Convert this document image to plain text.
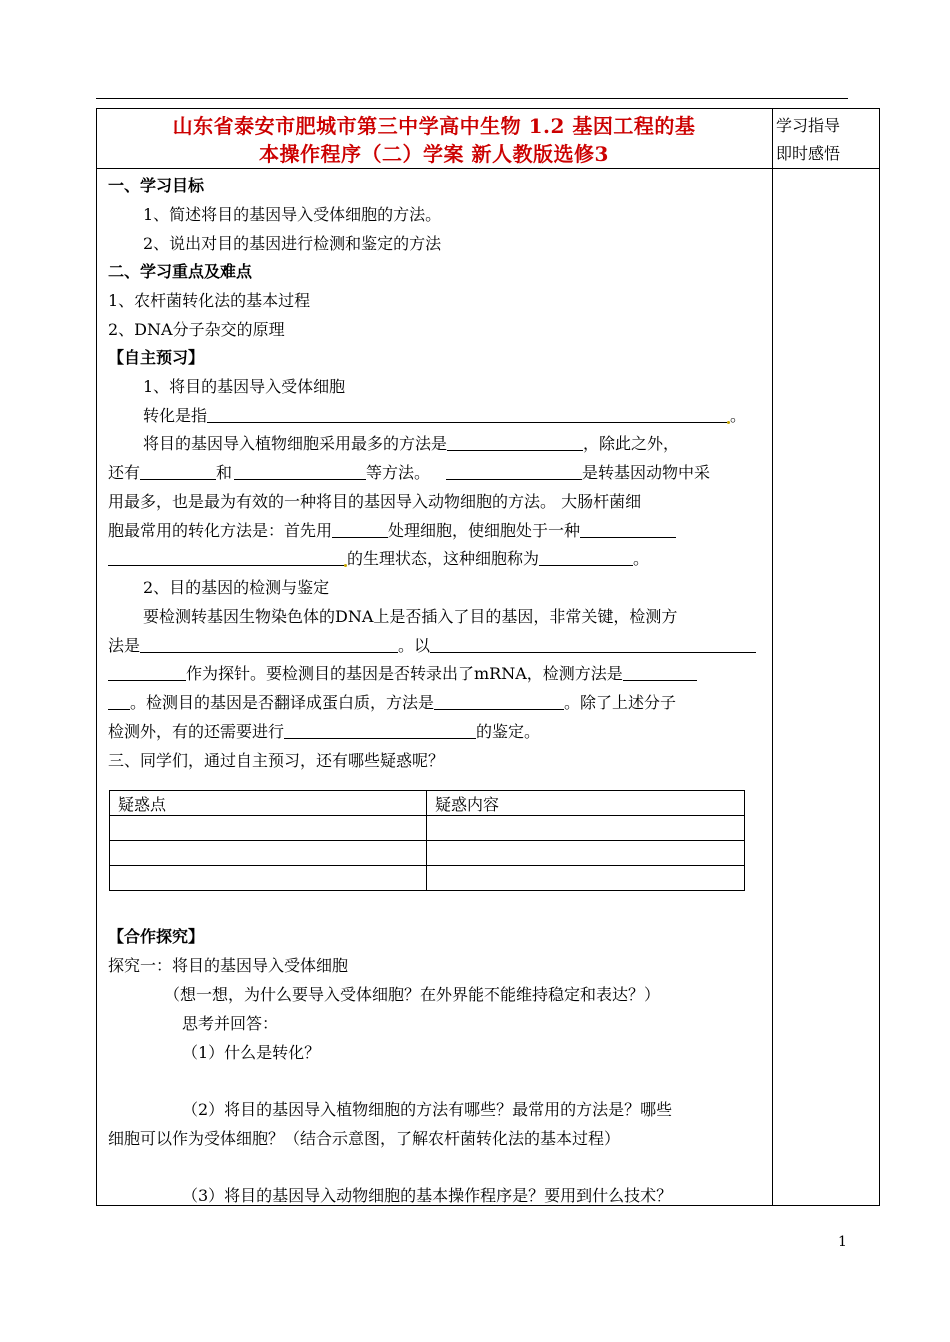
山东省泰安市肥城市第三中学高中生物 1.2 基因工程的基
本操作程序（二）学案 新人教版选修3
学习指导
即时感悟
一、学习目标
1、简述将目的基因导入受体细胞的方法。
2、说出对目的基因进行检测和鉴定的方法
二、学习重点及难点
1、农杆菌转化法的基本过程
2、DNA分子杂交的原理
【自主预习】
1、将目的基因导入受体细胞
转化是指	。
将目的基因导入植物细胞采用最多的方法是	，除此之外，
还有	和	等方法。	是转基因动物中采
用最多，也是最为有效的一种将目的基因导入动物细胞的方法。 大肠杆菌细
胞最常用的转化方法是：首先用	处理细胞，使细胞处于一种
的生理状态，这种细胞称为	。
2、目的基因的检测与鉴定
要检测转基因生物染色体的DNA上是否插入了目的基因，非常关键，检测方
法是	。以
作为探针。要检测目的基因是否转录出了mRNA，检测方法是
。检测目的基因是否翻译成蛋白质，方法是	。除了上述分子
检测外，有的还需要进行	的鉴定。
三、同学们，通过自主预习，还有哪些疑惑呢？
疑惑点	疑惑内容

【合作探究】
探究一：将目的基因导入受体细胞
（想一想，为什么要导入受体细胞？在外界能不能维持稳定和表达？）
思考并回答：
（1）什么是转化？
（2）将目的基因导入植物细胞的方法有哪些？最常用的方法是？哪些
细胞可以作为受体细胞？（结合示意图，了解农杆菌转化法的基本过程）
（3）将目的基因导入动物细胞的基本操作程序是？要用到什么技术？
1
